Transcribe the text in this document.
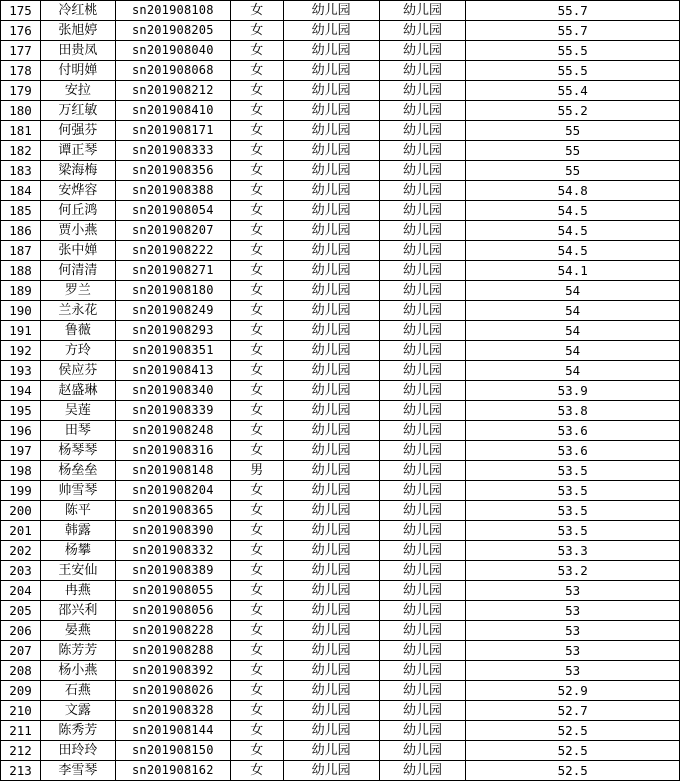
175	冷红桃	sn201908108	女	幼儿园	幼儿园	55.7
176	张旭婷	sn201908205	女	幼儿园	幼儿园	55.7
177	田贵凤	sn201908040	女	幼儿园	幼儿园	55.5
178	付明婵	sn201908068	女	幼儿园	幼儿园	55.5
179	安拉	sn201908212	女	幼儿园	幼儿园	55.4
180	万红敏	sn201908410	女	幼儿园	幼儿园	55.2
181	何强芬	sn201908171	女	幼儿园	幼儿园	55
182	谭正琴	sn201908333	女	幼儿园	幼儿园	55
183	梁海梅	sn201908356	女	幼儿园	幼儿园	55
184	安烨容	sn201908388	女	幼儿园	幼儿园	54.8
185	何丘鸿	sn201908054	女	幼儿园	幼儿园	54.5
186	贾小燕	sn201908207	女	幼儿园	幼儿园	54.5
187	张中婵	sn201908222	女	幼儿园	幼儿园	54.5
188	何清清	sn201908271	女	幼儿园	幼儿园	54.1
189	罗兰	sn201908180	女	幼儿园	幼儿园	54
190	兰永花	sn201908249	女	幼儿园	幼儿园	54
191	鲁薇	sn201908293	女	幼儿园	幼儿园	54
192	方玲	sn201908351	女	幼儿园	幼儿园	54
193	侯应芬	sn201908413	女	幼儿园	幼儿园	54
194	赵盛琳	sn201908340	女	幼儿园	幼儿园	53.9
195	吴莲	sn201908339	女	幼儿园	幼儿园	53.8
196	田琴	sn201908248	女	幼儿园	幼儿园	53.6
197	杨琴琴	sn201908316	女	幼儿园	幼儿园	53.6
198	杨垒垒	sn201908148	男	幼儿园	幼儿园	53.5
199	帅雪琴	sn201908204	女	幼儿园	幼儿园	53.5
200	陈平	sn201908365	女	幼儿园	幼儿园	53.5
201	韩露	sn201908390	女	幼儿园	幼儿园	53.5
202	杨攀	sn201908332	女	幼儿园	幼儿园	53.3
203	王安仙	sn201908389	女	幼儿园	幼儿园	53.2
204	冉燕	sn201908055	女	幼儿园	幼儿园	53
205	邵兴利	sn201908056	女	幼儿园	幼儿园	53
206	晏燕	sn201908228	女	幼儿园	幼儿园	53
207	陈芳芳	sn201908288	女	幼儿园	幼儿园	53
208	杨小燕	sn201908392	女	幼儿园	幼儿园	53
209	石燕	sn201908026	女	幼儿园	幼儿园	52.9
210	文露	sn201908328	女	幼儿园	幼儿园	52.7
211	陈秀芳	sn201908144	女	幼儿园	幼儿园	52.5
212	田玲玲	sn201908150	女	幼儿园	幼儿园	52.5
213	李雪琴	sn201908162	女	幼儿园	幼儿园	52.5
